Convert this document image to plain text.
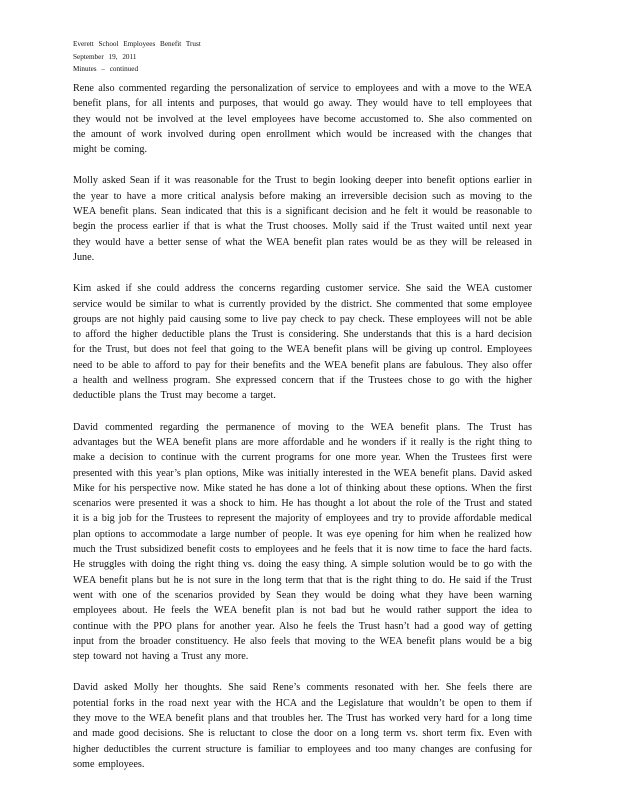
Everett School Employees Benefit Trust
September 19, 2011
Minutes – continued

Rene also commented regarding the personalization of service to employees and with a move to the WEA benefit plans, for all intents and purposes, that would go away. They would have to tell employees that they would not be involved at the level employees have become accustomed to. She also commented on the amount of work involved during open enrollment which would be increased with the changes that might be coming.

Molly asked Sean if it was reasonable for the Trust to begin looking deeper into benefit options earlier in the year to have a more critical analysis before making an irreversible decision such as moving to the WEA benefit plans. Sean indicated that this is a significant decision and he felt it would be reasonable to begin the process earlier if that is what the Trust chooses. Molly said if the Trust waited until next year they would have a better sense of what the WEA benefit plan rates would be as they will be released in June.

Kim asked if she could address the concerns regarding customer service. She said the WEA customer service would be similar to what is currently provided by the district. She commented that some employee groups are not highly paid causing some to live pay check to pay check. These employees will not be able to afford the higher deductible plans the Trust is considering. She understands that this is a hard decision for the Trust, but does not feel that going to the WEA benefit plans will be giving up control. Employees need to be able to afford to pay for their benefits and the WEA benefit plans are fabulous. They also offer a health and wellness program. She expressed concern that if the Trustees chose to go with the higher deductible plans the Trust may become a target.

David commented regarding the permanence of moving to the WEA benefit plans. The Trust has advantages but the WEA benefit plans are more affordable and he wonders if it really is the right thing to make a decision to continue with the current programs for one more year. When the Trustees first were presented with this year’s plan options, Mike was initially interested in the WEA benefit plans. David asked Mike for his perspective now. Mike stated he has done a lot of thinking about these options. When the first scenarios were presented it was a shock to him. He has thought a lot about the role of the Trust and stated it is a big job for the Trustees to represent the majority of employees and try to provide affordable medical plan options to accommodate a large number of people. It was eye opening for him when he realized how much the Trust subsidized benefit costs to employees and he feels that it is now time to face the hard facts. He struggles with doing the right thing vs. doing the easy thing. A simple solution would be to go with the WEA benefit plans but he is not sure in the long term that that is the right thing to do. He said if the Trust went with one of the scenarios provided by Sean they would be doing what they have been warning employees about. He feels the WEA benefit plan is not bad but he would rather support the idea to continue with the PPO plans for another year. Also he feels the Trust hasn’t had a good way of getting input from the broader constituency. He also feels that moving to the WEA benefit plans would be a big step toward not having a Trust any more.

David asked Molly her thoughts. She said Rene’s comments resonated with her. She feels there are potential forks in the road next year with the HCA and the Legislature that wouldn’t be open to them if they move to the WEA benefit plans and that troubles her. The Trust has worked very hard for a long time and made good decisions. She is reluctant to close the door on a long term vs. short term fix. Even with higher deductibles the current structure is familiar to employees and too many changes are confusing for some employees.
